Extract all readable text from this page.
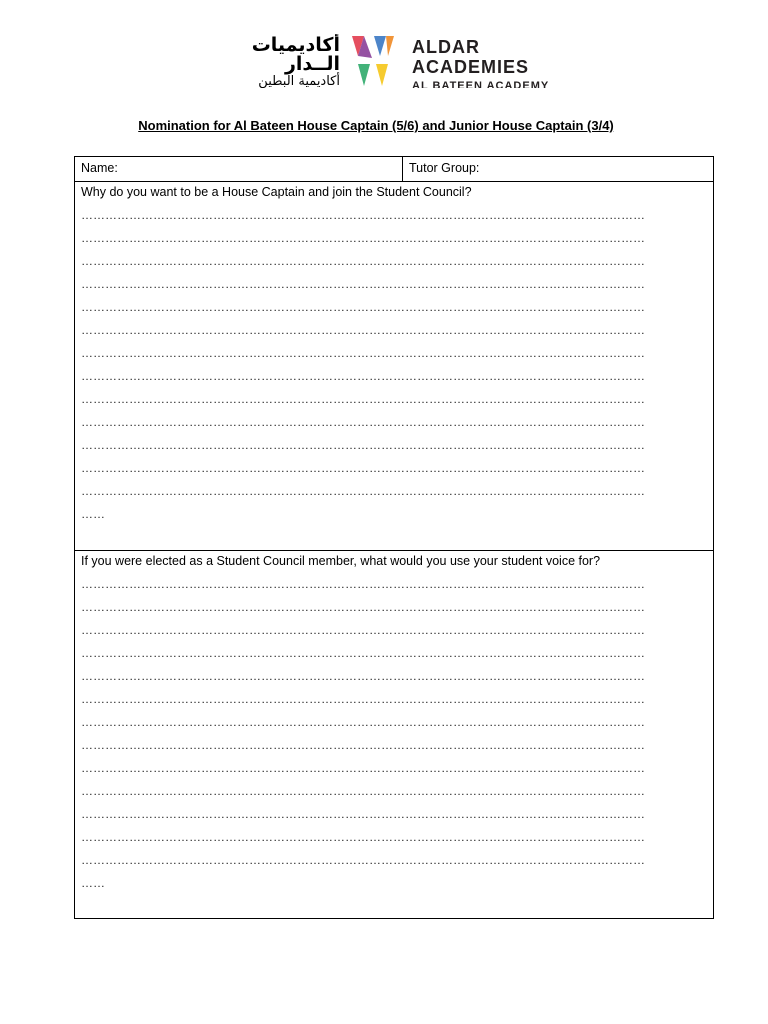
أكاديميات
الــدار
أكاديمية البطين
ALDAR
ACADEMIES
AL BATEEN ACADEMY
Nomination for Al Bateen House Captain (5/6) and Junior House Captain (3/4)
Name:	Tutor Group:
Why do you want to be a House Captain and join the Student Council?
……………………………………………………………………………………………………………………………
……………………………………………………………………………………………………………………………
……………………………………………………………………………………………………………………………
……………………………………………………………………………………………………………………………
……………………………………………………………………………………………………………………………
……………………………………………………………………………………………………………………………
……………………………………………………………………………………………………………………………
……………………………………………………………………………………………………………………………
……………………………………………………………………………………………………………………………
……………………………………………………………………………………………………………………………
……………………………………………………………………………………………………………………………
……………………………………………………………………………………………………………………………
……………………………………………………………………………………………………………………………
……
If you were elected as a Student Council member, what would you use your student voice for?
……………………………………………………………………………………………………………………………
……………………………………………………………………………………………………………………………
……………………………………………………………………………………………………………………………
……………………………………………………………………………………………………………………………
……………………………………………………………………………………………………………………………
……………………………………………………………………………………………………………………………
……………………………………………………………………………………………………………………………
……………………………………………………………………………………………………………………………
……………………………………………………………………………………………………………………………
……………………………………………………………………………………………………………………………
……………………………………………………………………………………………………………………………
……………………………………………………………………………………………………………………………
……………………………………………………………………………………………………………………………
……
